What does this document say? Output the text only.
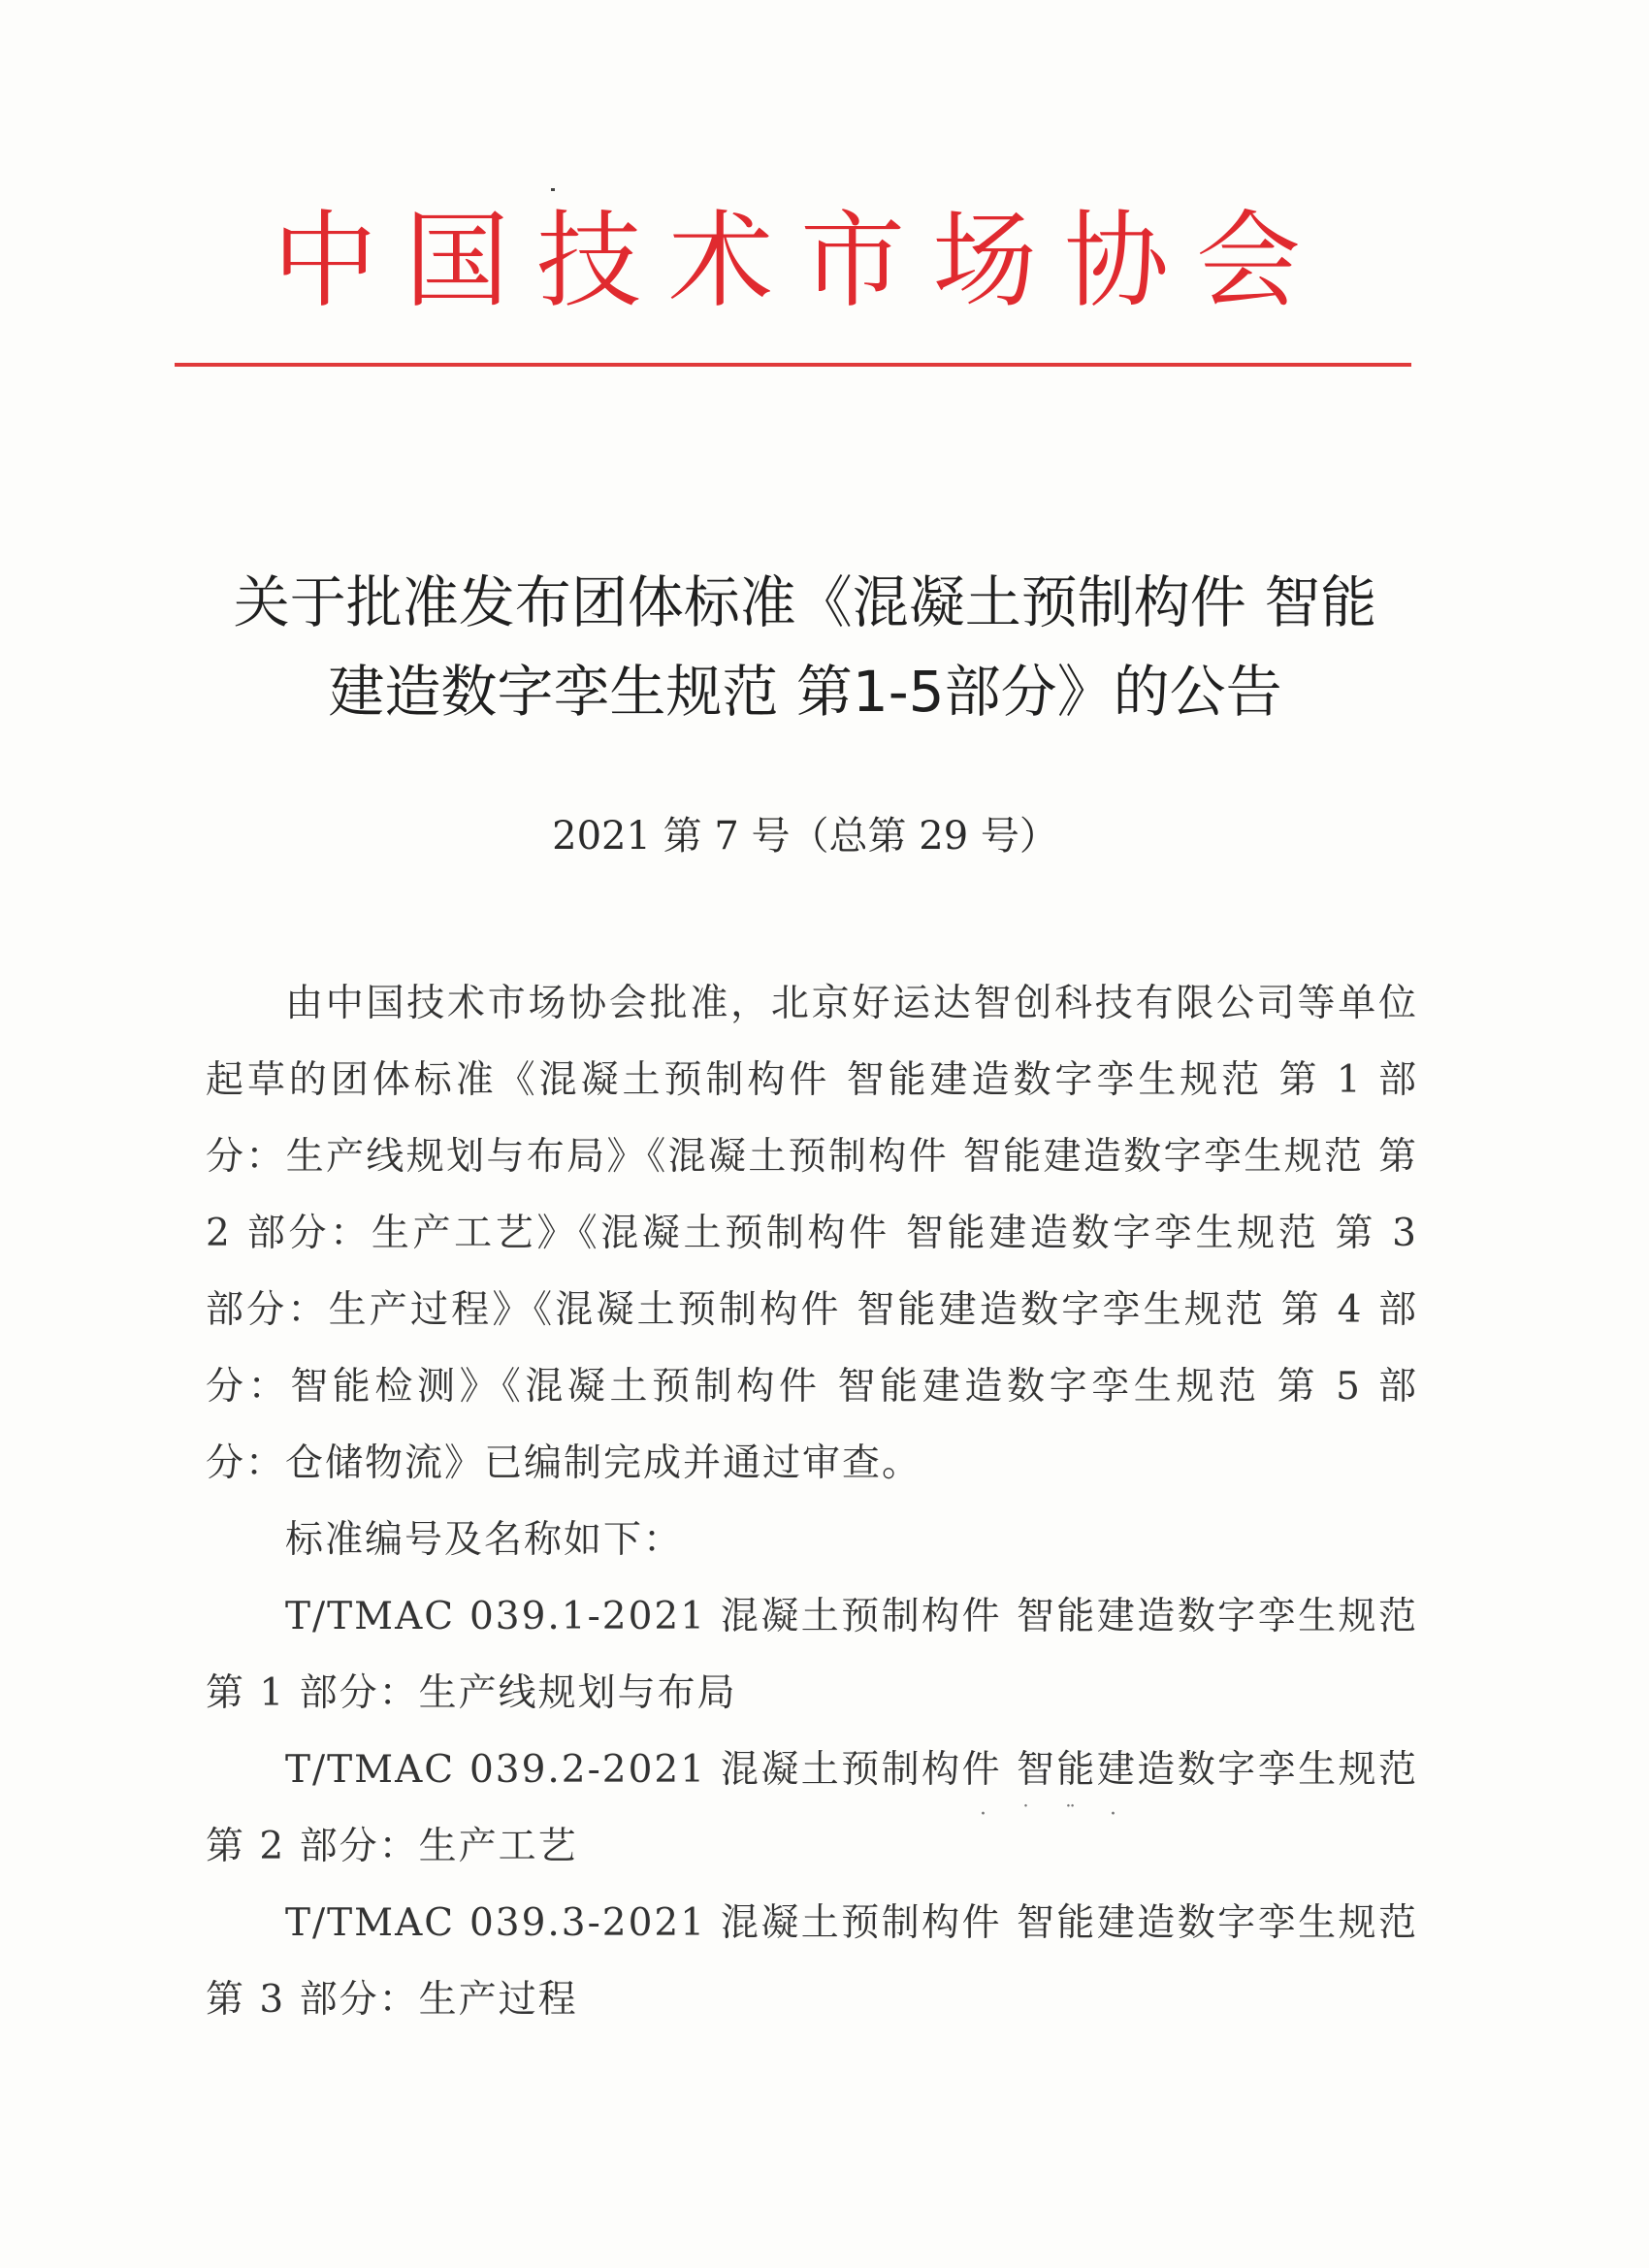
中国技术市场协会
关于批准发布团体标准《混凝土预制构件 智能
建造数字孪生规范 第1-5部分》的公告
2021 第 7 号（总第 29 号）

由中国技术市场协会批准，北京好运达智创科技有限公司等单位起草的团体标准《混凝土预制构件 智能建造数字孪生规范 第 1 部分：生产线规划与布局》《混凝土预制构件 智能建造数字孪生规范 第 2 部分：生产工艺》《混凝土预制构件 智能建造数字孪生规范 第 3 部分：生产过程》《混凝土预制构件 智能建造数字孪生规范 第 4 部分：智能检测》《混凝土预制构件 智能建造数字孪生规范 第 5 部分：仓储物流》已编制完成并通过审查。

标准编号及名称如下：

T/TMAC 039.1-2021 混凝土预制构件 智能建造数字孪生规范 第 1 部分：生产线规划与布局

T/TMAC 039.2-2021 混凝土预制构件 智能建造数字孪生规范 第 2 部分：生产工艺

T/TMAC 039.3-2021 混凝土预制构件 智能建造数字孪生规范 第 3 部分：生产过程

· ˙ ¨ ·
